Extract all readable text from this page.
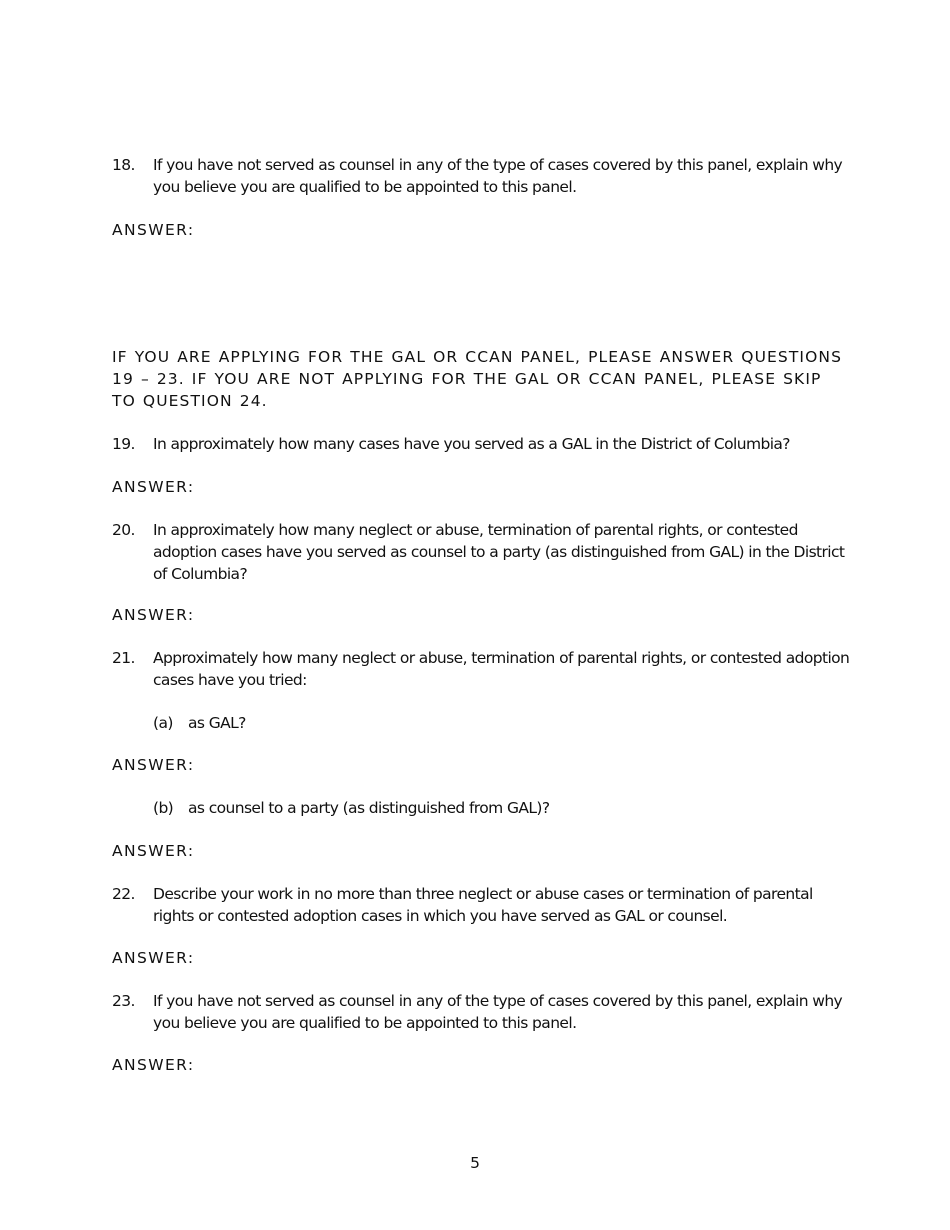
18.	If you have not served as counsel in any of the type of cases covered by this panel, explain why you believe you are qualified to be appointed to this panel.
ANSWER:
IF YOU ARE APPLYING FOR THE GAL OR CCAN PANEL, PLEASE ANSWER QUESTIONS 19 – 23. IF YOU ARE NOT APPLYING FOR THE GAL OR CCAN PANEL, PLEASE SKIP TO QUESTION 24.
19.	In approximately how many cases have you served as a GAL in the District of Columbia?
ANSWER:
20.	In approximately how many neglect or abuse, termination of parental rights, or contested adoption cases have you served as counsel to a party (as distinguished from GAL) in the District of Columbia?
ANSWER:
21.	Approximately how many neglect or abuse, termination of parental rights, or contested adoption cases have you tried:
(a) as GAL?
ANSWER:
(b) as counsel to a party (as distinguished from GAL)?
ANSWER:
22.	Describe your work in no more than three neglect or abuse cases or termination of parental rights or contested adoption cases in which you have served as GAL or counsel.
ANSWER:
23.	If you have not served as counsel in any of the type of cases covered by this panel, explain why you believe you are qualified to be appointed to this panel.
ANSWER:
5
